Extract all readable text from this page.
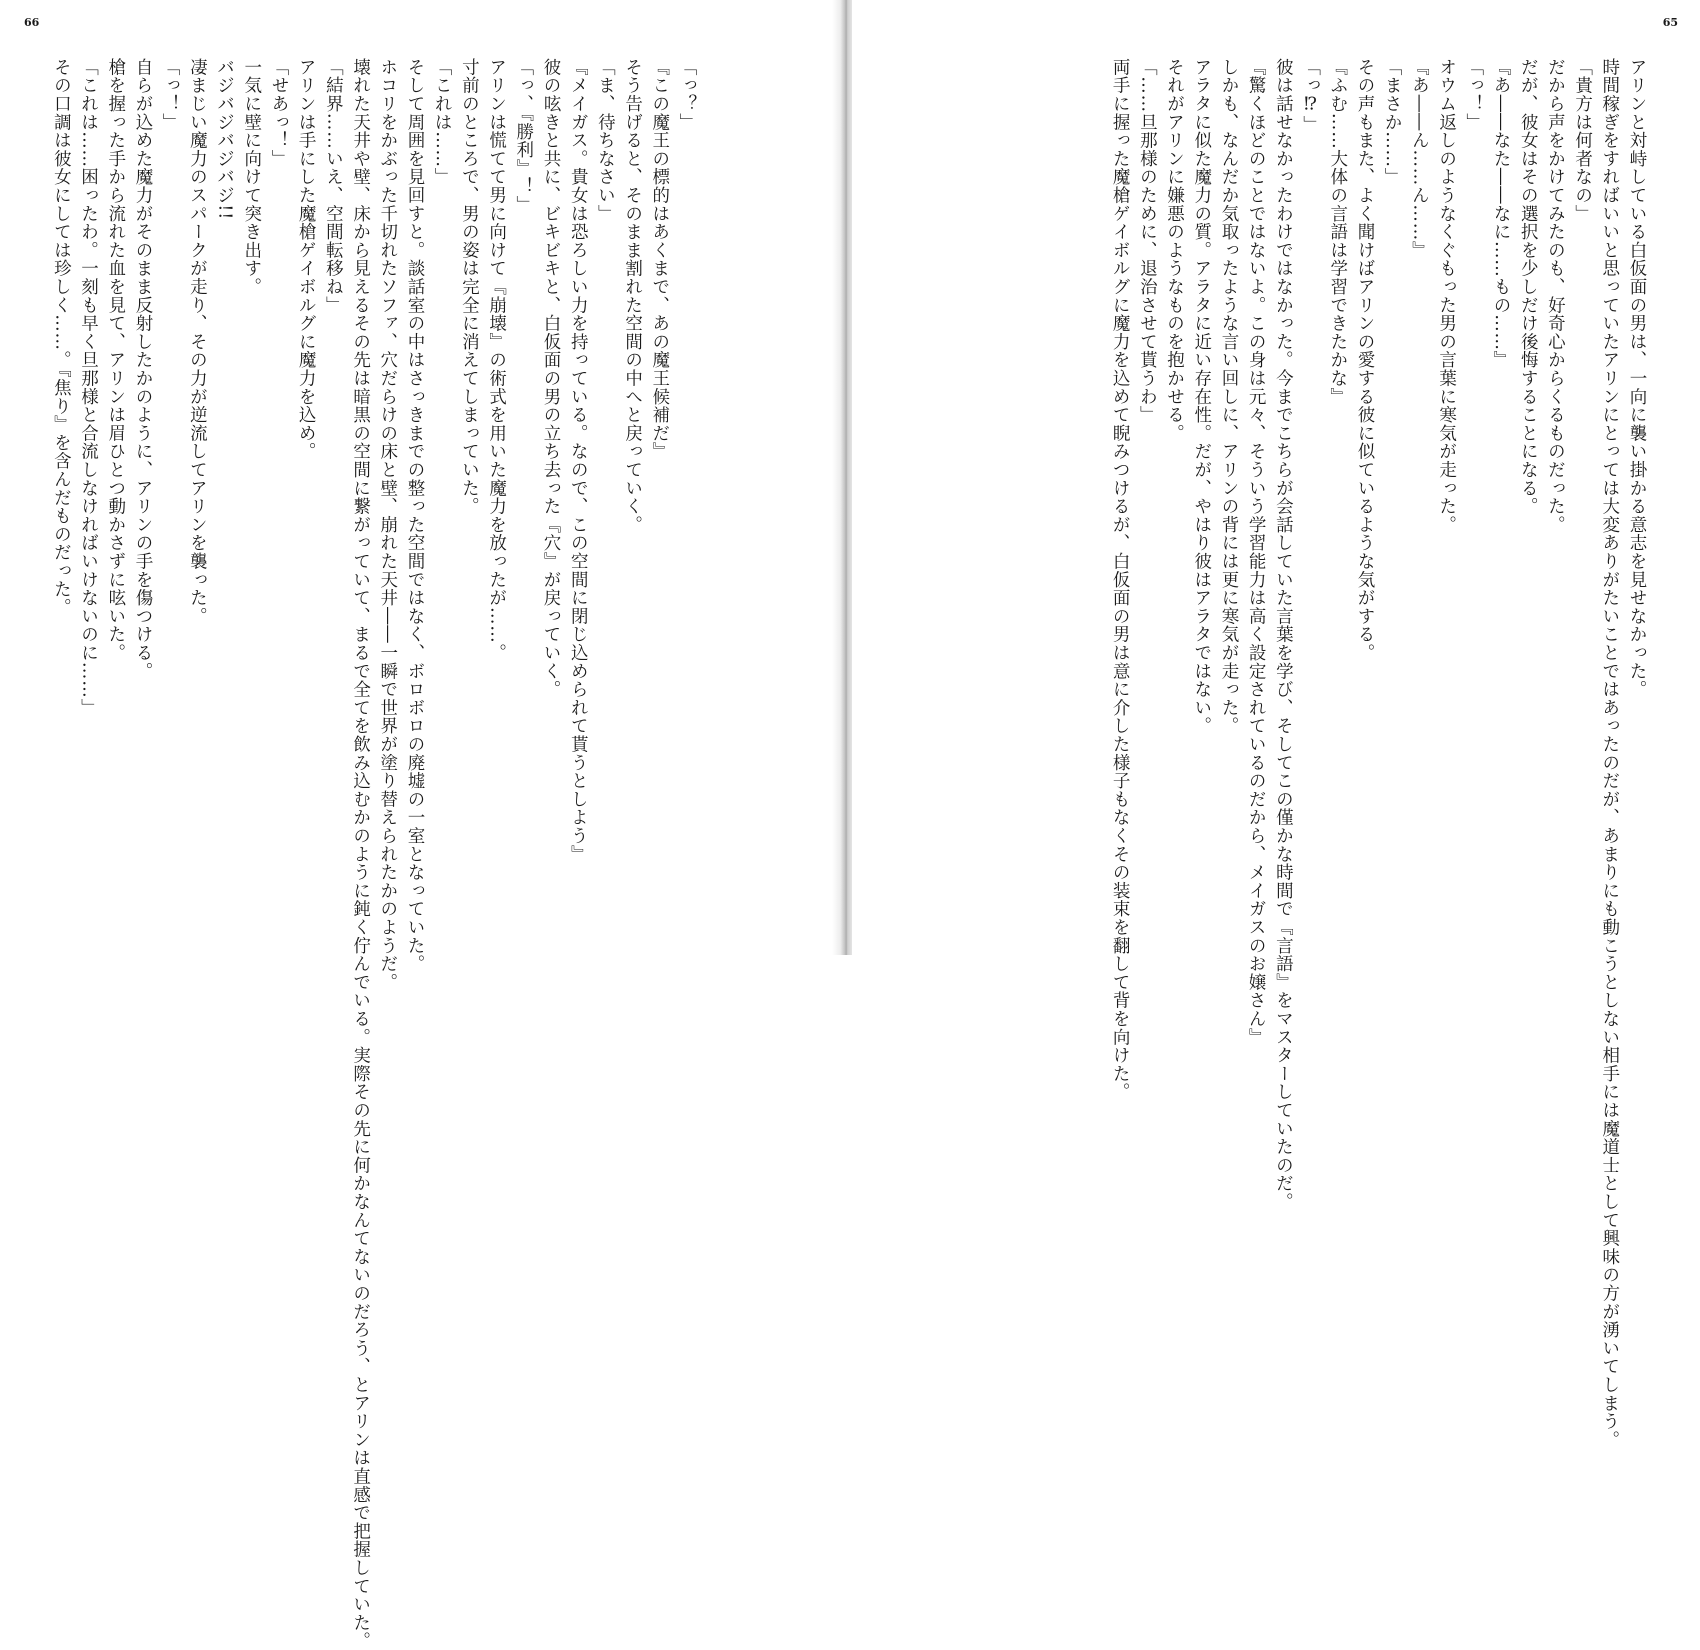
66
「っ？」
『この魔王の標的はあくまで、あの魔王候補だ』
そう告げると、そのまま割れた空間の中へと戻っていく。
「ま、待ちなさい」
『メイガス。貴女は恐ろしい力を持っている。なので、この空間に閉じ込められて貰うとしよう』
彼の呟きと共に、ビキビキと、白仮面の男の立ち去った『穴』が戻っていく。
「っ、『勝利』！」
アリンは慌てて男に向けて『崩壊』の術式を用いた魔力を放ったが……。
寸前のところで、男の姿は完全に消えてしまっていた。
「これは……」
そして周囲を見回すと。談話室の中はさっきまでの整った空間ではなく、ボロボロの廃墟の一室となっていた。
ホコリをかぶった千切れたソファ、穴だらけの床と壁、崩れた天井――一瞬で世界が塗り替えられたかのようだ。
壊れた天井や壁、床から見えるその先は暗黒の空間に繋がっていて、まるで全てを飲み込むかのように鈍く佇んでいる。実際その先に何かなんてないのだろう、とアリンは直感で把握していた。
「結界……いえ、空間転移ね」
アリンは手にした魔槍ゲイボルグに魔力を込め。
「せあっ！」
一気に壁に向けて突き出す。
バジバジバジバジ!!
凄まじい魔力のスパークが走り、その力が逆流してアリンを襲った。
「っ！」
自らが込めた魔力がそのまま反射したかのように、アリンの手を傷つける。
槍を握った手から流れた血を見て、アリンは眉ひとつ動かさずに呟いた。
「これは……困ったわ。一刻も早く旦那様と合流しなければいけないのに……」
その口調は彼女にしては珍しく……。『焦り』を含んだものだった。
65
アリンと対峙している白仮面の男は、一向に襲い掛かる意志を見せなかった。
時間稼ぎをすればいいと思っていたアリンにとっては大変ありがたいことではあったのだが、あまりにも動こうとしない相手には魔道士として興味の方が湧いてしまう。
「貴方は何者なの」
だから声をかけてみたのも、好奇心からくるものだった。
だが、彼女はその選択を少しだけ後悔することになる。
『あ――なた――なに……もの……』
「っ！」
オウム返しのようなくぐもった男の言葉に寒気が走った。
『あ――ん……ん……』
「まさか……」
その声もまた、よく聞けばアリンの愛する彼に似ているような気がする。
『ふむ……大体の言語は学習できたかな』
「っ⁉」
彼は話せなかったわけではなかった。今までこちらが会話していた言葉を学び、そしてこの僅かな時間で『言語』をマスターしていたのだ。
『驚くほどのことではないよ。この身は元々、そういう学習能力は高く設定されているのだから、メイガスのお嬢さん』
しかも、なんだか気取ったような言い回しに、アリンの背には更に寒気が走った。
アラタに似た魔力の質。アラタに近い存在性。だが、やはり彼はアラタではない。
それがアリンに嫌悪のようなものを抱かせる。
「……旦那様のために、退治させて貰うわ」
両手に握った魔槍ゲイボルグに魔力を込めて睨みつけるが、白仮面の男は意に介した様子もなくその装束を翻して背を向けた。
